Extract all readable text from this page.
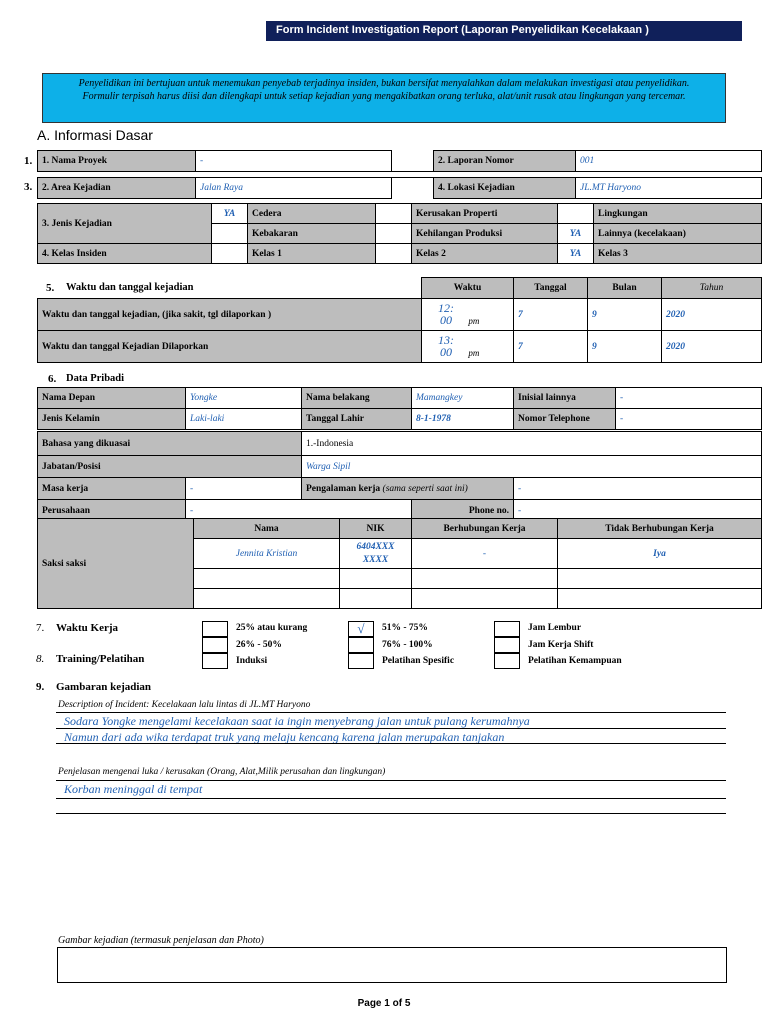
Form Incident Investigation Report (Laporan Penyelidikan Kecelakaan )
Penyelidikan ini bertujuan untuk menemukan penyebab terjadinya insiden, bukan bersifat menyalahkan dalam melakukan investigasi atau penyelidikan. Formulir terpisah harus diisi dan dilengkapi untuk setiap kejadian yang mengakibatkan orang terluka, alat/unit rusak atau lingkungan yang tercemar.
A. Informasi Dasar
1.
3.
1. Nama Proyek	-		2. Laporan Nomor	001

2. Area Kejadian	Jalan Raya		4. Lokasi Kejadian	JL.MT Haryono
3. Jenis Kejadian	YA	Cedera		Kerusakan Properti		Lingkungan
		Kebakaran		Kehilangan Produksi	YA	Lainnya (kecelakaan)
4. Kelas Insiden		Kelas 1		Kelas 2	YA	Kelas 3
5. Waktu dan tanggal kejadian
		Waktu	Tanggal	Bulan	Tahun
Waktu dan tanggal kejadian, (jika sakit, tgl dilaporkan )	12:
00 pm	7	9	2020
Waktu dan tanggal Kejadian Dilaporkan	13:
00 pm	7	9	2020
6. Data Pribadi
Nama Depan	Yongke	Nama belakang	Mamangkey	Inisial lainnya	-
Jenis Kelamin	Laki-laki	Tanggal Lahir	8-1-1978	Nomor Telephone	-

Bahasa yang dikuasai		1.-Indonesia			
Jabatan/Posisi		Warga Sipil			
Masa kerja	-	Pengalaman kerja (sama seperti saat ini)		-	
Perusahaan	-		Phone no.	-	
Saksi saksi	Nama	NIK	Berhubungan Kerja	Tidak Berhubungan Kerja
	Jennita Kristian	6404XXX XXXX	-	Iya

7. Waktu Kerja
8. Training/Pelatihan
25% atau kurang	√	51% - 75%	Jam Lembur
26% - 50%	76% - 100%	Jam Kerja Shift
Induksi	Pelatihan Spesific	Pelatihan Kemampuan
9. Gambaran kejadian
Description of Incident: Kecelakaan lalu lintas di JL.MT Haryono
Sodara Yongke mengelami kecelakaan saat ia ingin menyebrang jalan untuk pulang kerumahnya
Namun dari ada wika terdapat truk yang melaju kencang karena jalan merupakan tanjakan
Penjelasan mengenai luka / kerusakan (Orang, Alat,Milik perusahan dan lingkungan)
Korban meninggal di tempat
Gambar kejadian (termasuk penjelasan dan Photo)
Page 1 of 5
